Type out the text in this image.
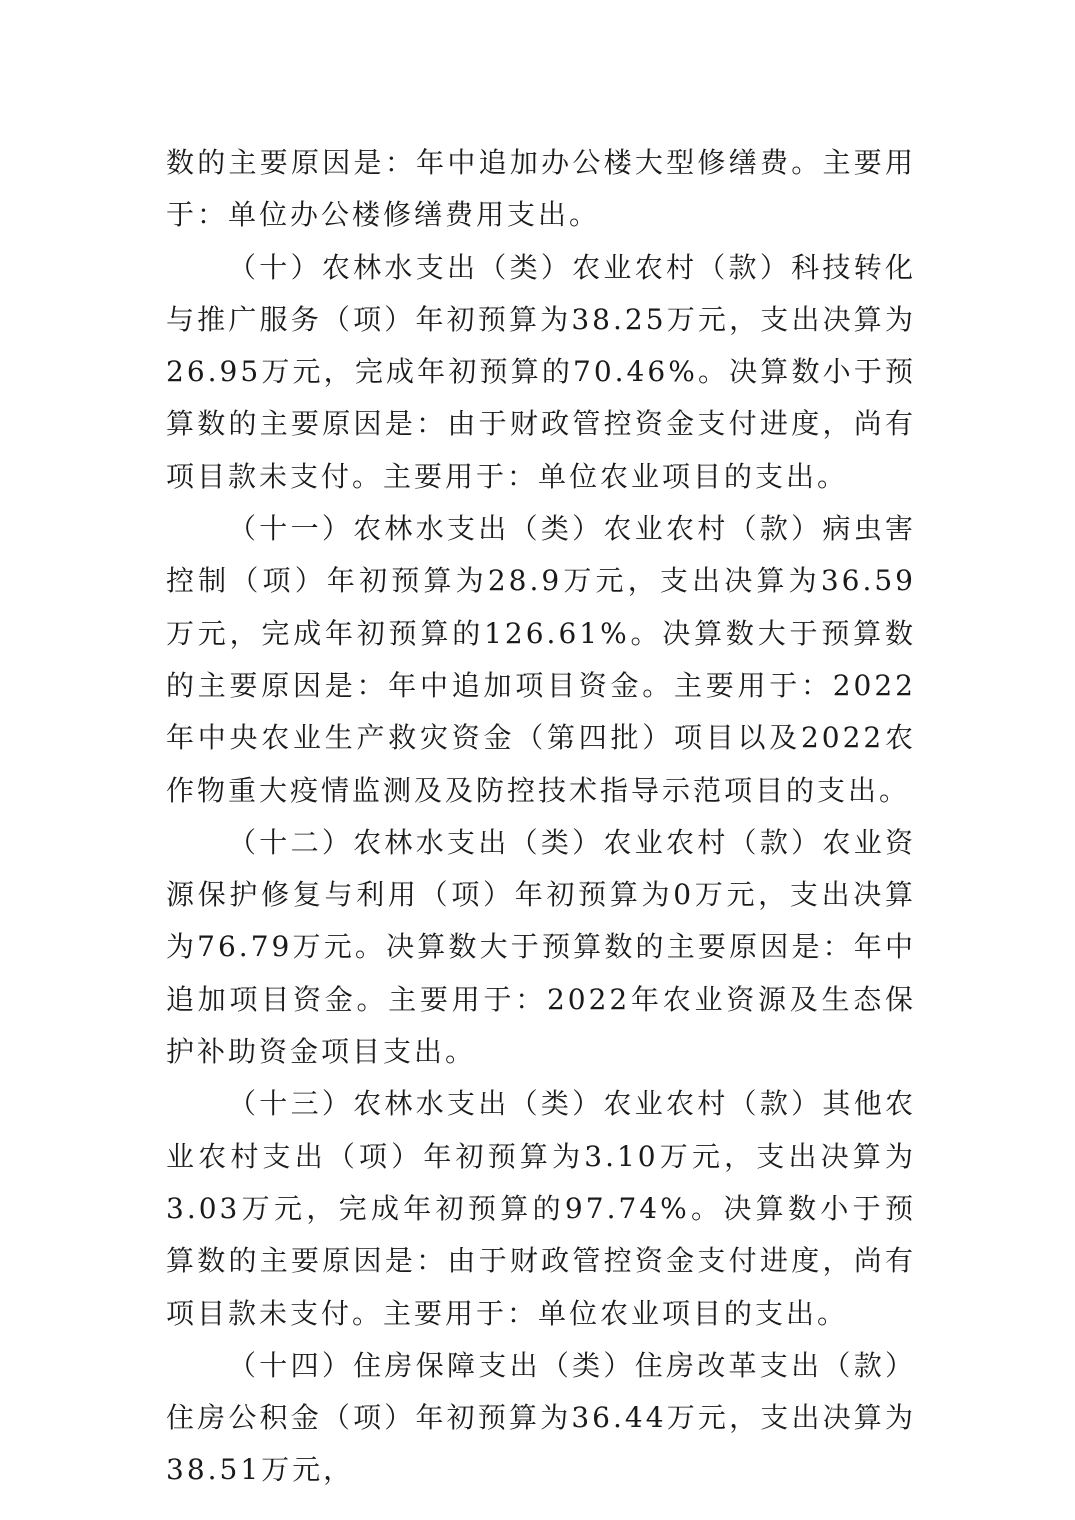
数的主要原因是：年中追加办公楼大型修缮费。主要用于：单位办公楼修缮费用支出。

（十）农林水支出（类）农业农村（款）科技转化与推广服务（项）年初预算为38.25万元，支出决算为26.95万元，完成年初预算的70.46%。决算数小于预算数的主要原因是：由于财政管控资金支付进度，尚有项目款未支付。主要用于：单位农业项目的支出。

（十一）农林水支出（类）农业农村（款）病虫害控制（项）年初预算为28.9万元，支出决算为36.59万元，完成年初预算的126.61%。决算数大于预算数的主要原因是：年中追加项目资金。主要用于：2022年中央农业生产救灾资金（第四批）项目以及2022农作物重大疫情监测及及防控技术指导示范项目的支出。

（十二）农林水支出（类）农业农村（款）农业资源保护修复与利用（项）年初预算为0万元，支出决算为76.79万元。决算数大于预算数的主要原因是：年中追加项目资金。主要用于：2022年农业资源及生态保护补助资金项目支出。

（十三）农林水支出（类）农业农村（款）其他农业农村支出（项）年初预算为3.10万元，支出决算为3.03万元，完成年初预算的97.74%。决算数小于预算数的主要原因是：由于财政管控资金支付进度，尚有项目款未支付。主要用于：单位农业项目的支出。

（十四）住房保障支出（类）住房改革支出（款）住房公积金（项）年初预算为36.44万元，支出决算为38.51万元，
